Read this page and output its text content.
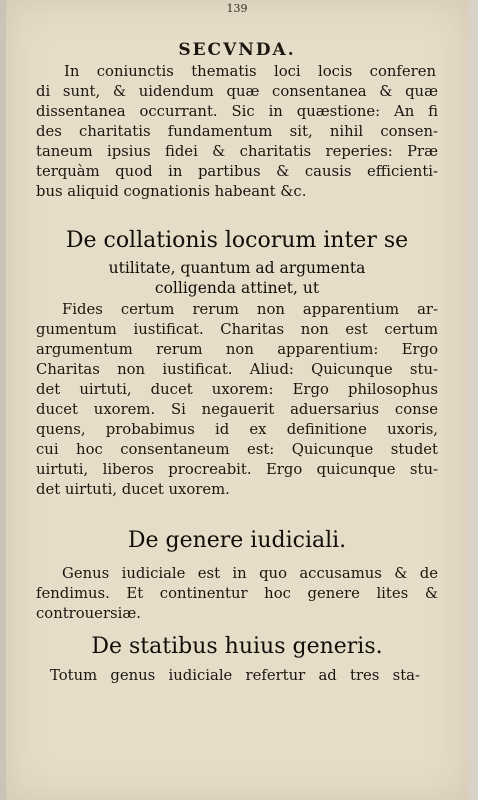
139
SECVNDA.

In coniunctis thematis loci locis conferen

di sunt, & uidendum quæ consentanea & quæ
dissentanea occurrant. Sic in quæstione: An fi
des charitatis fundamentum sit, nihil consen-
taneum ipsius fidei & charitatis reperies: Præ
terquàm quod in partibus & causis efficienti-
bus aliquid cognationis habeant &c.

De collationis locorum inter se
utilitate, quantum ad argumenta
colligenda attinet, ut

Fides certum rerum non apparentium ar-

gumentum iustificat. Charitas non est certum
argumentum rerum non apparentium: Ergo
Charitas non iustificat. Aliud: Quicunque stu-
det uirtuti, ducet uxorem: Ergo philosophus
ducet uxorem. Si negauerit aduersarius conse
quens, probabimus id ex definitione uxoris,
cui hoc consentaneum est: Quicunque studet
uirtuti, liberos procreabit. Ergo quicunque stu-
det uirtuti, ducet uxorem.

De genere iudiciali.

Genus iudiciale est in quo accusamus & de

fendimus. Et continentur hoc genere lites &
controuersiæ.

De statibus huius generis.

Totum genus iudiciale refertur ad tres sta-
